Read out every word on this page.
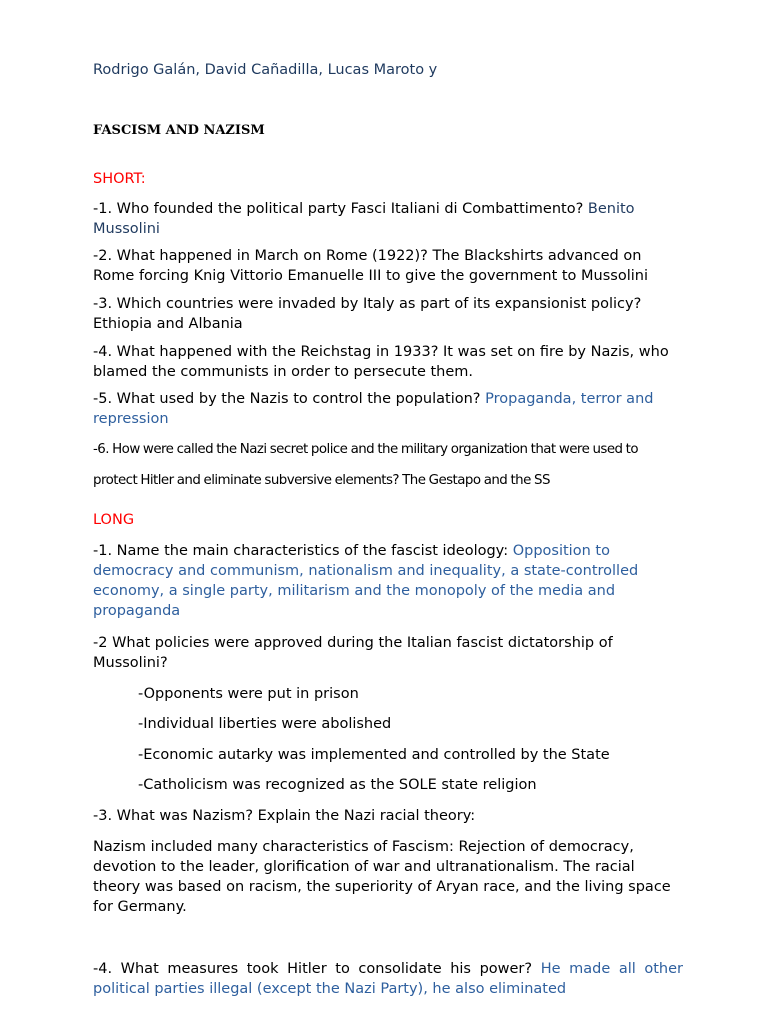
Rodrigo Galán, David Cañadilla, Lucas Maroto y

FASCISM AND NAZISM

SHORT:

-1. Who founded the political party Fasci Italiani di Combattimento? Benito Mussolini

-2. What happened in March on Rome (1922)? The Blackshirts advanced on Rome forcing Knig Vittorio Emanuelle III to give the government to Mussolini

-3. Which countries were invaded by Italy as part of its expansionist policy? Ethiopia and Albania

-4. What happened with the Reichstag in 1933? It was set on fire by Nazis, who blamed the communists in order to persecute them.

-5. What used by the Nazis to control the population? Propaganda, terror and repression

-6. How were called the Nazi secret police and the military organization that were used to

protect Hitler and eliminate subversive elements? The Gestapo and the SS

LONG

-1. Name the main characteristics of the fascist ideology: Opposition to democracy and communism, nationalism and inequality, a state-controlled economy, a single party, militarism and the monopoly of the media and propaganda

-2 What policies were approved during the Italian fascist dictatorship of Mussolini?

-Opponents were put in prison

-Individual liberties were abolished

-Economic autarky was implemented and controlled by the State

-Catholicism was recognized as the SOLE state religion

-3. What was Nazism? Explain the Nazi racial theory:

Nazism included many characteristics of Fascism: Rejection of democracy, devotion to the leader, glorification of war and ultranationalism. The racial theory was based on racism, the superiority of Aryan race, and the living space for Germany.

-4. What measures took Hitler to consolidate his power? He made all other political parties illegal (except the Nazi Party), he also eliminated
